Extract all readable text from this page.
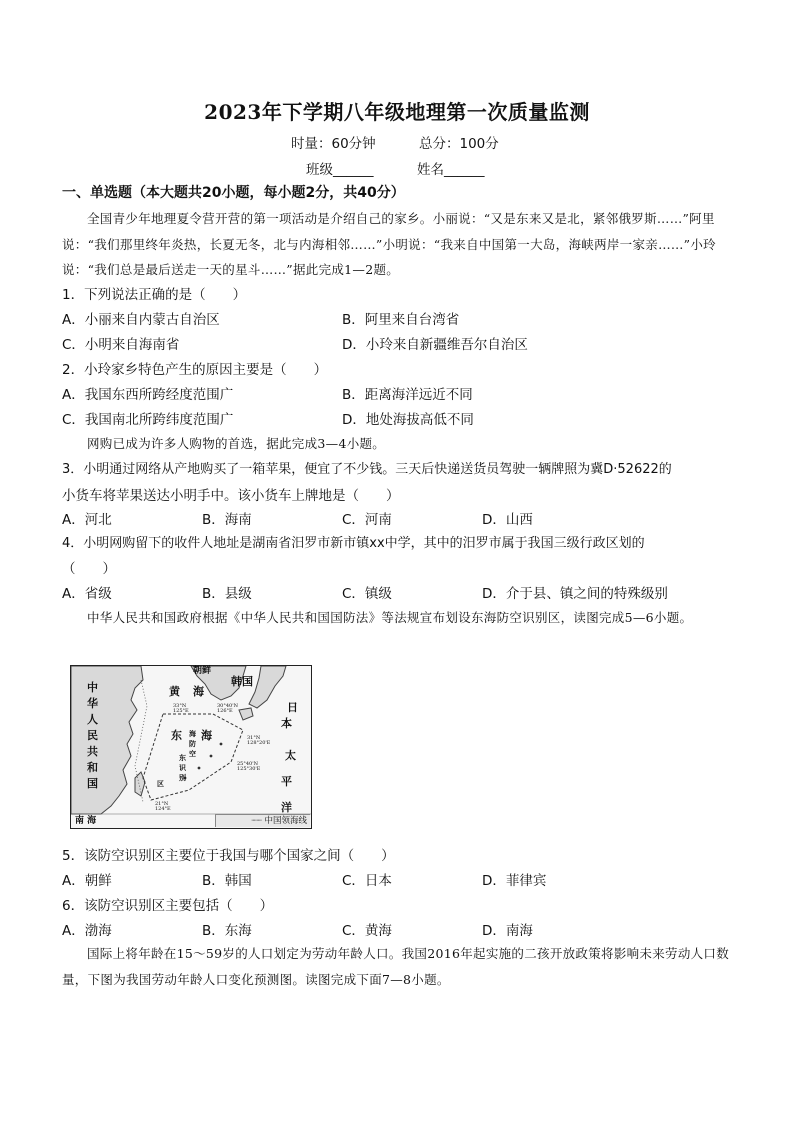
2023年下学期八年级地理第一次质量监测
时量：60分钟	总分：100分
班级______	姓名______
一、单选题（本大题共20小题，每小题2分，共40分）
全国青少年地理夏令营开营的第一项活动是介绍自己的家乡。小丽说：“又是东来又是北，紧邻俄罗斯……”阿里说：“我们那里终年炎热，长夏无冬，北与内海相邻……”小明说：“我来自中国第一大岛，海峡两岸一家亲……”小玲说：“我们总是最后送走一天的星斗……”据此完成1—2题。
1．下列说法正确的是（　　）
A．小丽来自内蒙古自治区	B．阿里来自台湾省
C．小明来自海南省	D．小玲来自新疆维吾尔自治区
2．小玲家乡特色产生的原因主要是（　　）
A．我国东西所跨经度范围广	B．距离海洋远近不同
C．我国南北所跨纬度范围广	D．地处海拔高低不同
网购已成为许多人购物的首选，据此完成3—4小题。
3．小明通过网络从产地购买了一箱苹果，便宜了不少钱。三天后快递送货员驾驶一辆牌照为冀D·52622的
小货车将苹果送达小明手中。该小货车上牌地是（　　）
A．河北	B．海南	C．河南	D．山西
4．小明网购留下的收件人地址是湖南省汨罗市新市镇xx中学，其中的汨罗市属于我国三级行政区划的
（　　）
A．省级	B．县级	C．镇级	D．介于县、镇之间的特殊级别
中华人民共和国政府根据《中华人民共和国国防法》等法规宣布划设东海防空识别区，读图完成5—6小题。
朝鲜
韩国
黄 海
东 海
中
华
人
民
共
和
国
日
本
太
平
洋
海
防
空
东
识
别
区
南 海
33°N 125°E
30°40'N 126°E
31°N 128°20'E
25°40'N 125°30'E
21°N 124°E
┈┈ 中国领海线
5．该防空识别区主要位于我国与哪个国家之间（　　）
A．朝鲜	B．韩国	C．日本	D．菲律宾
6．该防空识别区主要包括（　　）
A．渤海	B．东海	C．黄海	D．南海
国际上将年龄在15～59岁的人口划定为劳动年龄人口。我国2016年起实施的二孩开放政策将影响未来劳动人口数量，下图为我国劳动年龄人口变化预测图。读图完成下面7—8小题。
